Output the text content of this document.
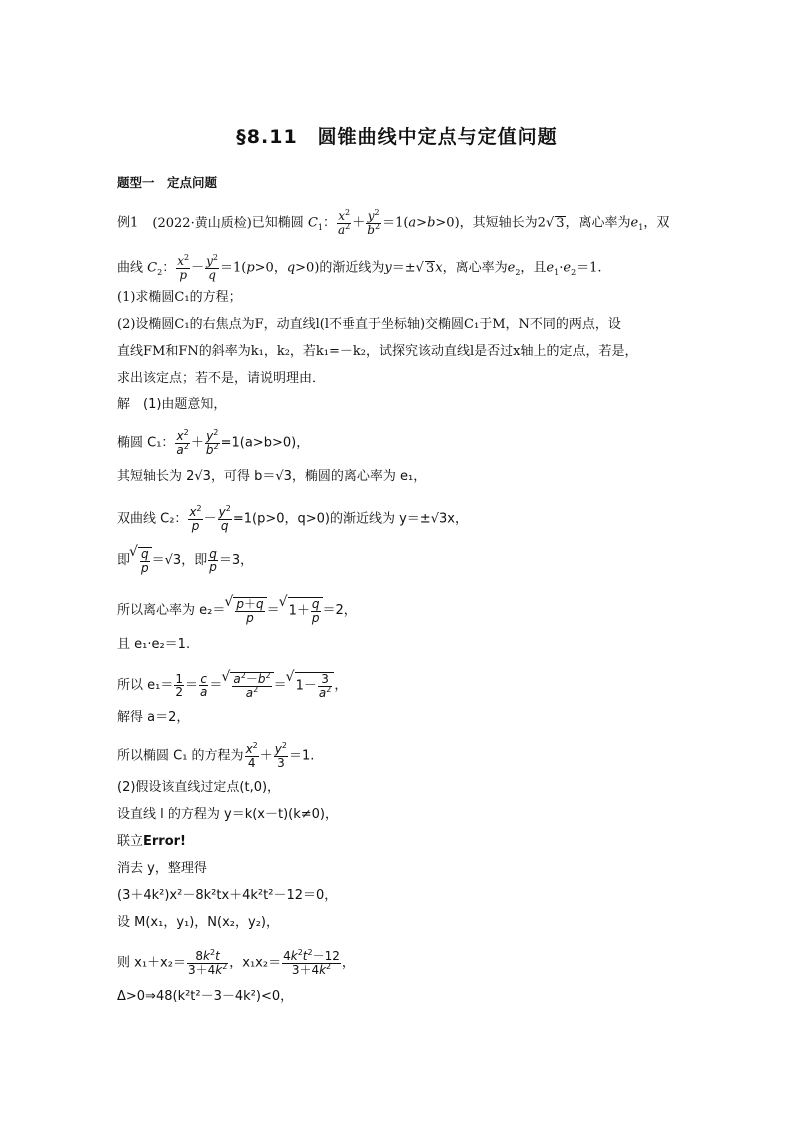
§8.11　圆锥曲线中定点与定值问题
题型一　定点问题
例1 (2022·黄山质检)已知椭圆 $C_1$： $\frac{x^2}{a^2} + \frac{y^2}{b^2} =1(a>b>0)$，其短轴长为2√ 3，离心率为$e_1$，双
曲线 $C_2$： $\frac{x^2}{p} - \frac{y^2}{q} =1(p>0$，q>0)的渐近线为y＝±√ 3x，离心率为$e_2$，且$e_1\cdot e_2=1$.
(1)求椭圆C₁的方程；
(2)设椭圆C₁的右焦点为F，动直线l(l不垂直于坐标轴)交椭圆C₁于M，N不同的两点，设
直线FM和FN的斜率为k₁，k₂，若k₁=－k₂，试探究该动直线l是否过x轴上的定点，若是，
求出该定点；若不是，请说明理由．
解　(1)由题意知，
椭圆 C₁： $\frac{x^2}{a^2} + \frac{y^2}{b^2} =1(a>b>0)$，
其短轴长为 2√3，可得 b＝√3，椭圆的离心率为 e₁，
双曲线 C₂： $\frac{x^2}{p} - \frac{y^2}{q} =1(p>0$，q>0)的渐近线为 y＝±√3x，
即 √ $\frac{q}{p} =√3$，即 $\frac{q}{p} =3$，
所以离心率为 e₂＝ √ $\frac{p+q}{p}$ ＝ √ $1+ \frac{q}{p} =2$，
且 e₁·e₂＝1.
所以 $e_1= \frac{1}{2} = \frac{c}{a}$ ＝ √ $\frac{a^2-b^2}{a^2}$ ＝ √ $1- \frac{3}{a^2}$ ，
解得 a＝2，
所以椭圆 C₁ 的方程为 $\frac{x^2}{4} + \frac{y^2}{3} =1$.
(2)假设该直线过定点(t,0)，
设直线 l 的方程为 y＝k(x－t)(k≠0)，
联立Error!
消去 y，整理得
(3＋4k²)x²－8k²tx＋4k²t²－12＝0，
设 M(x₁，y₁)，N(x₂，y₂)，
则 $x_1+x_2= \frac{8k^2t}{3+4k^2}$ ，$x_1x_2= \frac{4k^2t^2-12}{3+4k^2}$ ，
Δ>0⇒48(k²t²－3－4k²)<0，
